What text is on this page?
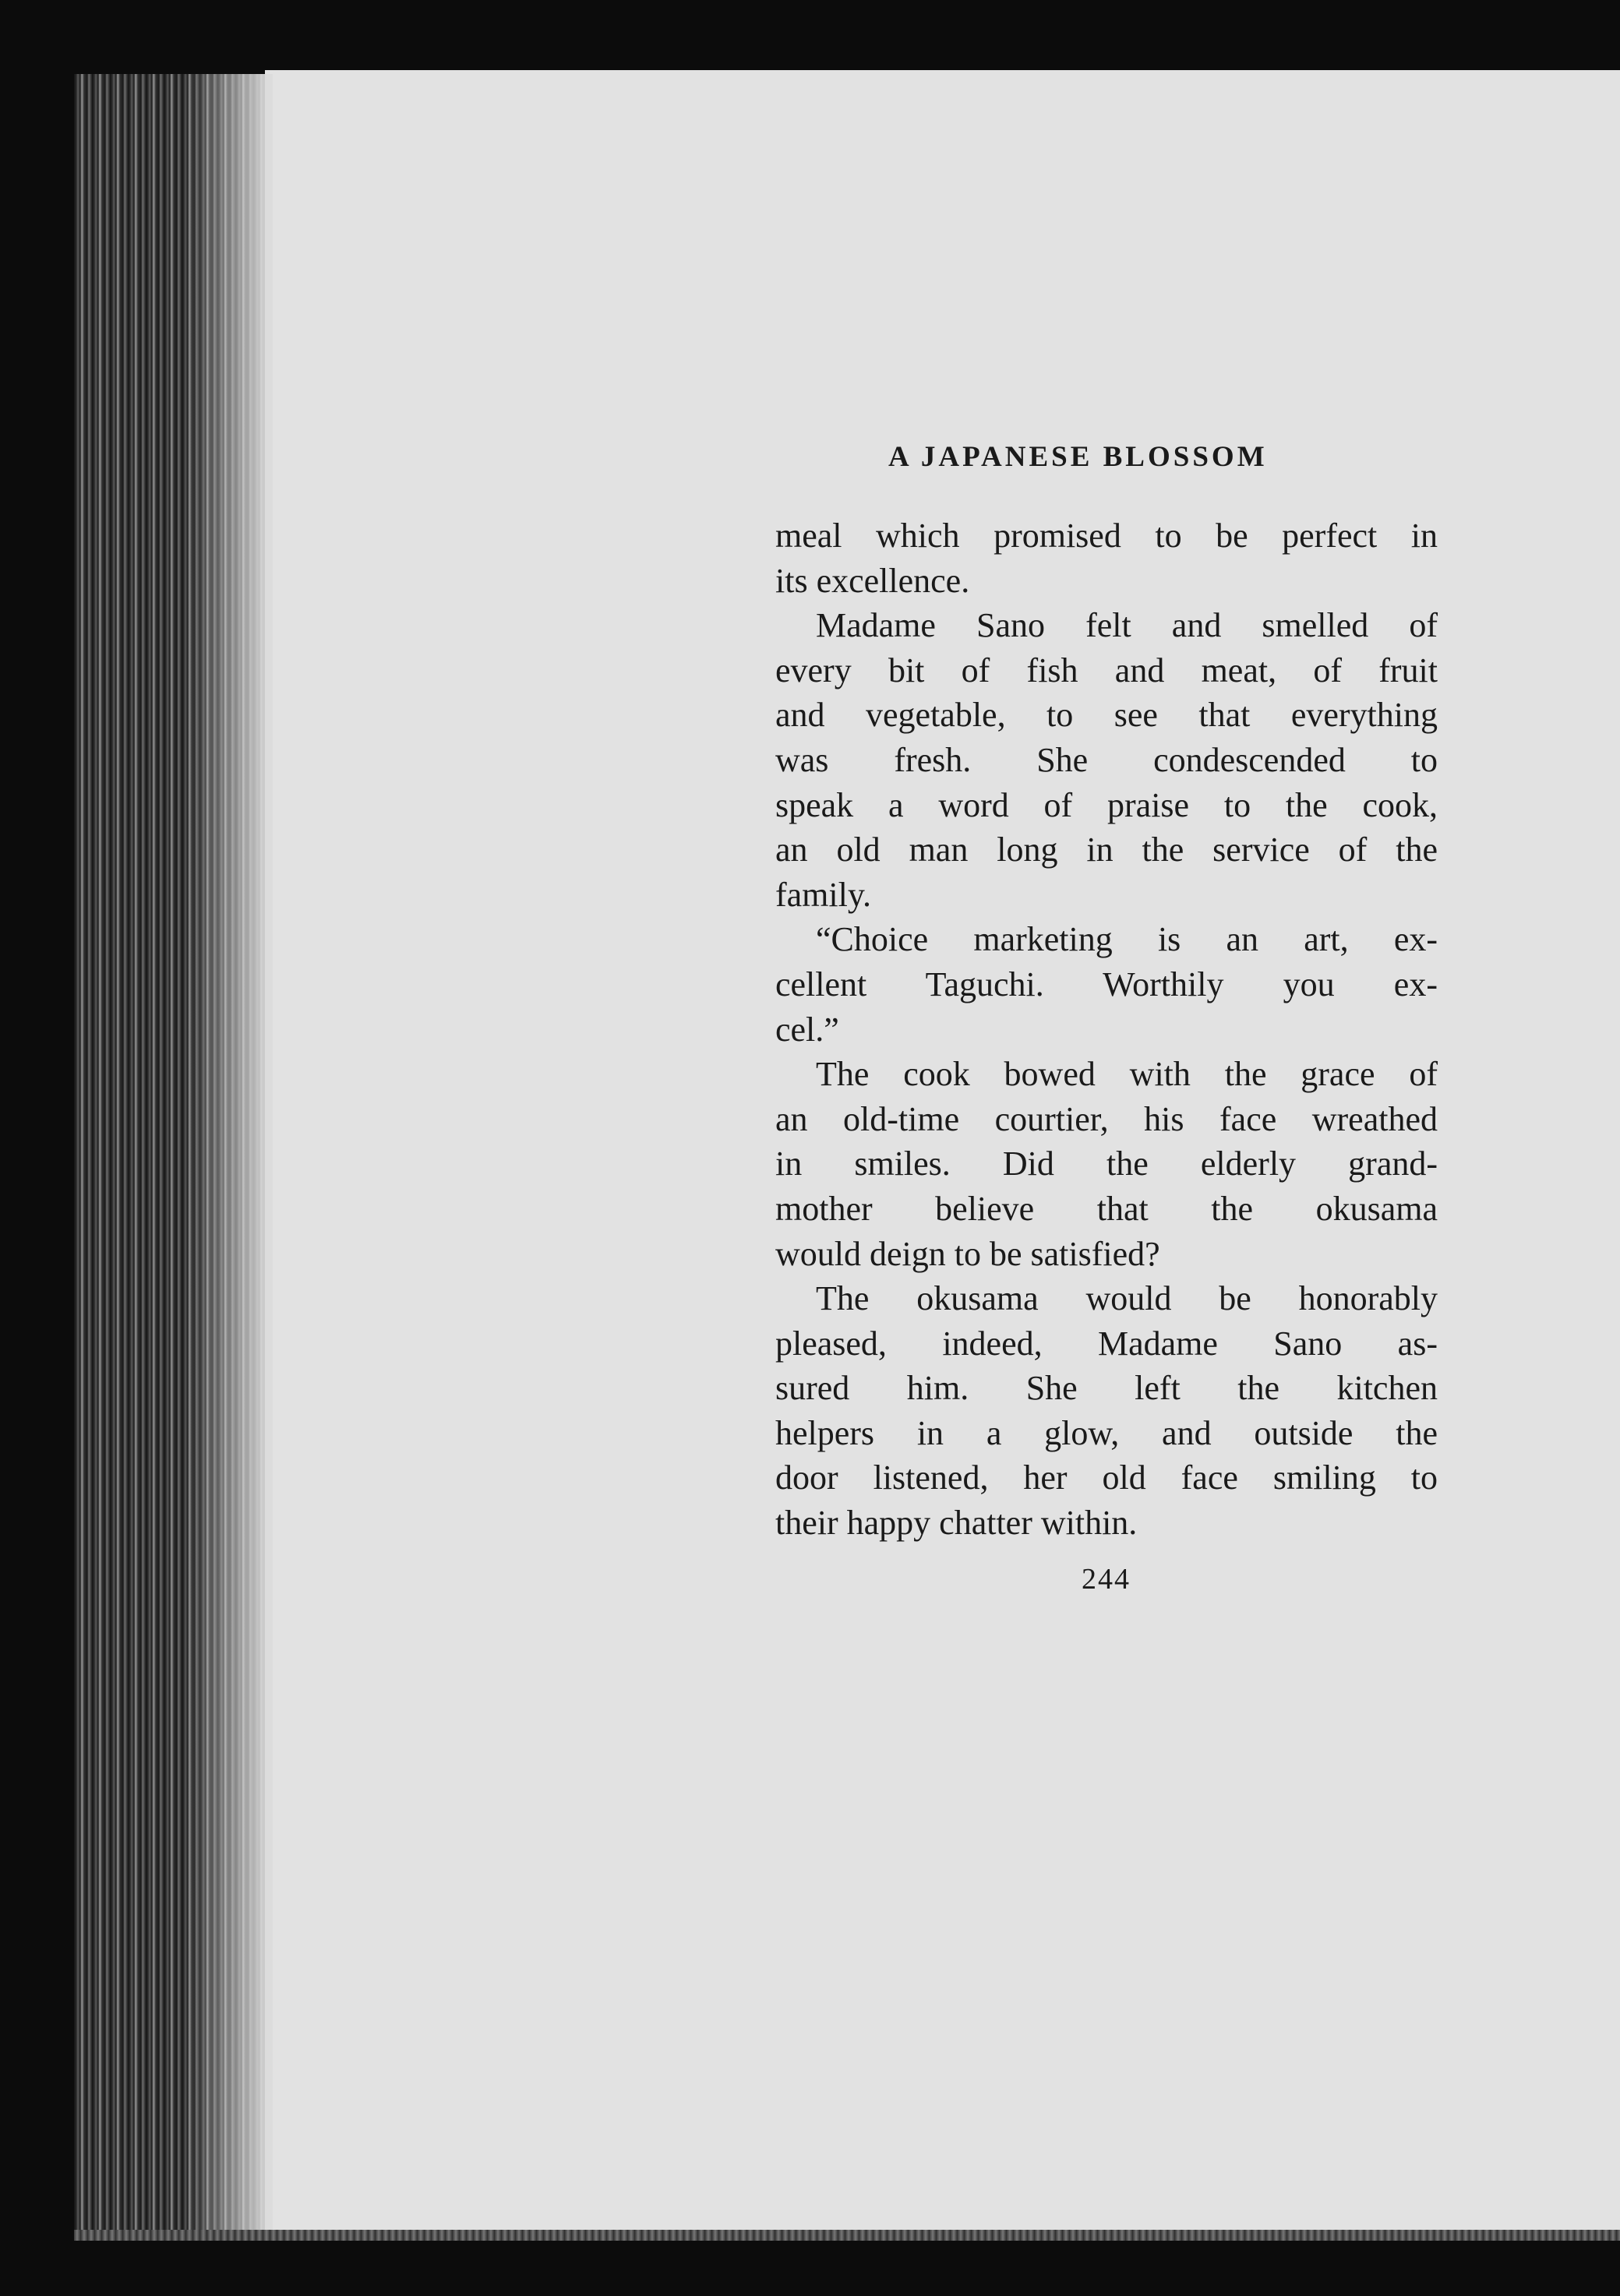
A JAPANESE BLOSSOM
meal which promised to be perfect in
its excellence.
Madame Sano felt and smelled of
every bit of fish and meat, of fruit
and vegetable, to see that everything
was fresh. She condescended to
speak a word of praise to the cook,
an old man long in the service of the
family.
“Choice marketing is an art, ex-
cellent Taguchi. Worthily you ex-
cel.”
The cook bowed with the grace of
an old-time courtier, his face wreathed
in smiles. Did the elderly grand-
mother believe that the okusama
would deign to be satisfied?
The okusama would be honorably
pleased, indeed, Madame Sano as-
sured him. She left the kitchen
helpers in a glow, and outside the
door listened, her old face smiling to
their happy chatter within.
244
